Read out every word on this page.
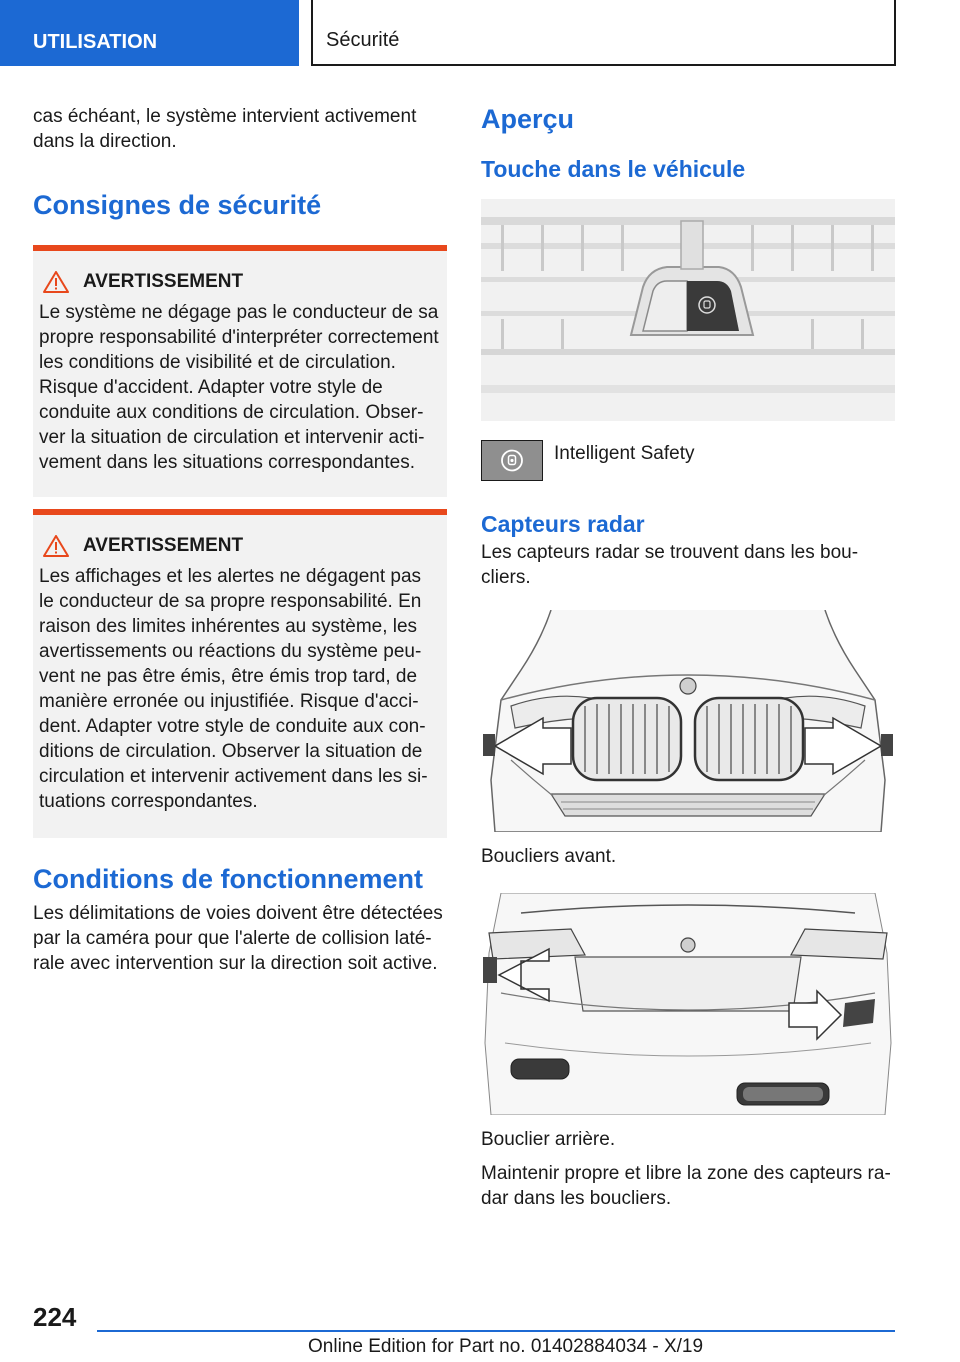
UTILISATION	Sécurité

cas échéant, le système intervient activement dans la direction.

Consignes de sécurité
AVERTISSEMENT

Le système ne dégage pas le conducteur de sa propre responsabilité d'interpréter correctement les conditions de visibilité et de circulation. Risque d'accident. Adapter votre style de conduite aux conditions de circulation. Observer la situation de circulation et intervenir activement dans les situations correspondantes.

AVERTISSEMENT

Les affichages et les alertes ne dégagent pas le conducteur de sa propre responsabilité. En raison des limites inhérentes au système, les avertissements ou réactions du système peuvent ne pas être émis, être émis trop tard, de manière erronée ou injustifiée. Risque d'accident. Adapter votre style de conduite aux conditions de circulation. Observer la situation de circulation et intervenir activement dans les situations correspondantes.

Conditions de fonctionnement

Les délimitations de voies doivent être détectées par la caméra pour que l'alerte de collision latérale avec intervention sur la direction soit active.

Aperçu
Touche dans le véhicule
Intelligent Safety
Capteurs radar

Les capteurs radar se trouvent dans les boucliers.

Boucliers avant.

Bouclier arrière.

Maintenir propre et libre la zone des capteurs radar dans les boucliers.

224
Online Edition for Part no. 01402884034 - X/19
